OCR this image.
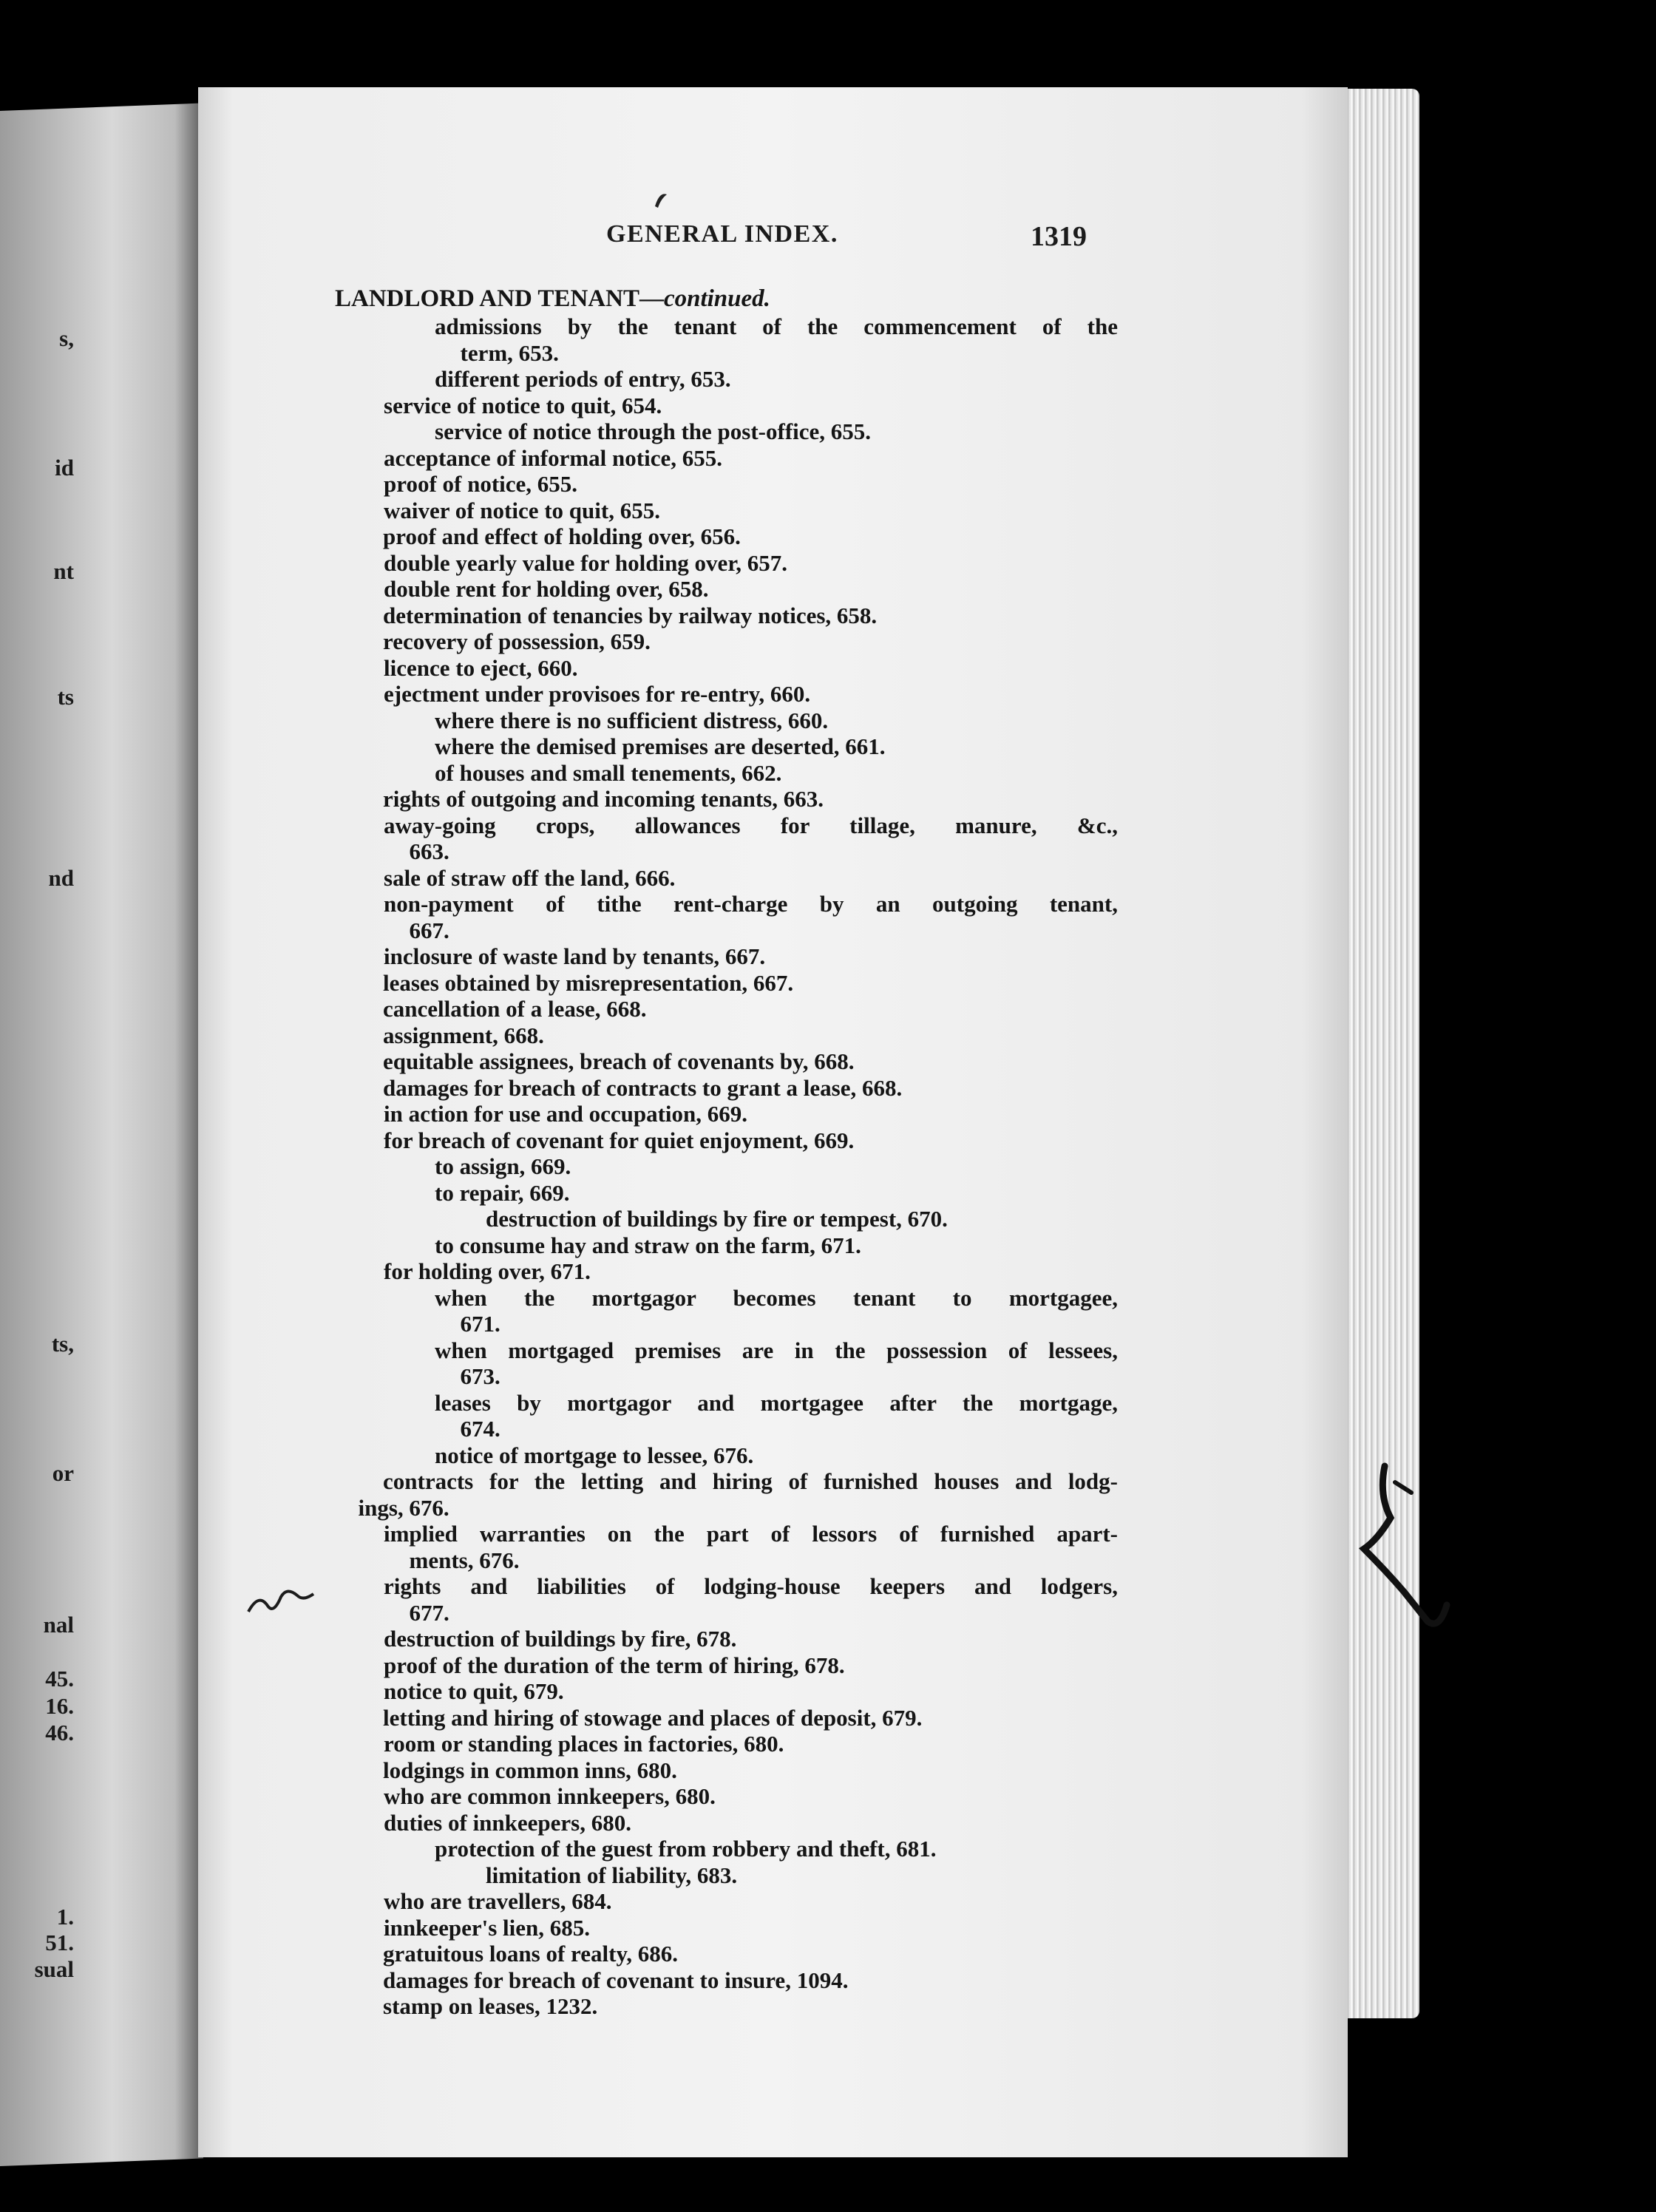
s,
id
nt
ts
nd
ts,
or
nal
45.
16.
46.
1.
51.
sual
GENERAL INDEX.	1319
LANDLORD AND TENANT—continued.
admissions by the tenant of the commencement of the
term, 653.
different periods of entry, 653.
service of notice to quit, 654.
service of notice through the post-office, 655.
acceptance of informal notice, 655.
proof of notice, 655.
waiver of notice to quit, 655.
proof and effect of holding over, 656.
double yearly value for holding over, 657.
double rent for holding over, 658.
determination of tenancies by railway notices, 658.
recovery of possession, 659.
licence to eject, 660.
ejectment under provisoes for re-entry, 660.
where there is no sufficient distress, 660.
where the demised premises are deserted, 661.
of houses and small tenements, 662.
rights of outgoing and incoming tenants, 663.
away-going crops, allowances for tillage, manure, &c.,
663.
sale of straw off the land, 666.
non-payment of tithe rent-charge by an outgoing tenant,
667.
inclosure of waste land by tenants, 667.
leases obtained by misrepresentation, 667.
cancellation of a lease, 668.
assignment, 668.
equitable assignees, breach of covenants by, 668.
damages for breach of contracts to grant a lease, 668.
in action for use and occupation, 669.
for breach of covenant for quiet enjoyment, 669.
to assign, 669.
to repair, 669.
destruction of buildings by fire or tempest, 670.
to consume hay and straw on the farm, 671.
for holding over, 671.
when the mortgagor becomes tenant to mortgagee,
671.
when mortgaged premises are in the possession of lessees,
673.
leases by mortgagor and mortgagee after the mortgage,
674.
notice of mortgage to lessee, 676.
contracts for the letting and hiring of furnished houses and lodg-
ings, 676.
implied warranties on the part of lessors of furnished apart-
ments, 676.
rights and liabilities of lodging-house keepers and lodgers,
677.
destruction of buildings by fire, 678.
proof of the duration of the term of hiring, 678.
notice to quit, 679.
letting and hiring of stowage and places of deposit, 679.
room or standing places in factories, 680.
lodgings in common inns, 680.
who are common innkeepers, 680.
duties of innkeepers, 680.
protection of the guest from robbery and theft, 681.
limitation of liability, 683.
who are travellers, 684.
innkeeper's lien, 685.
gratuitous loans of realty, 686.
damages for breach of covenant to insure, 1094.
stamp on leases, 1232.
